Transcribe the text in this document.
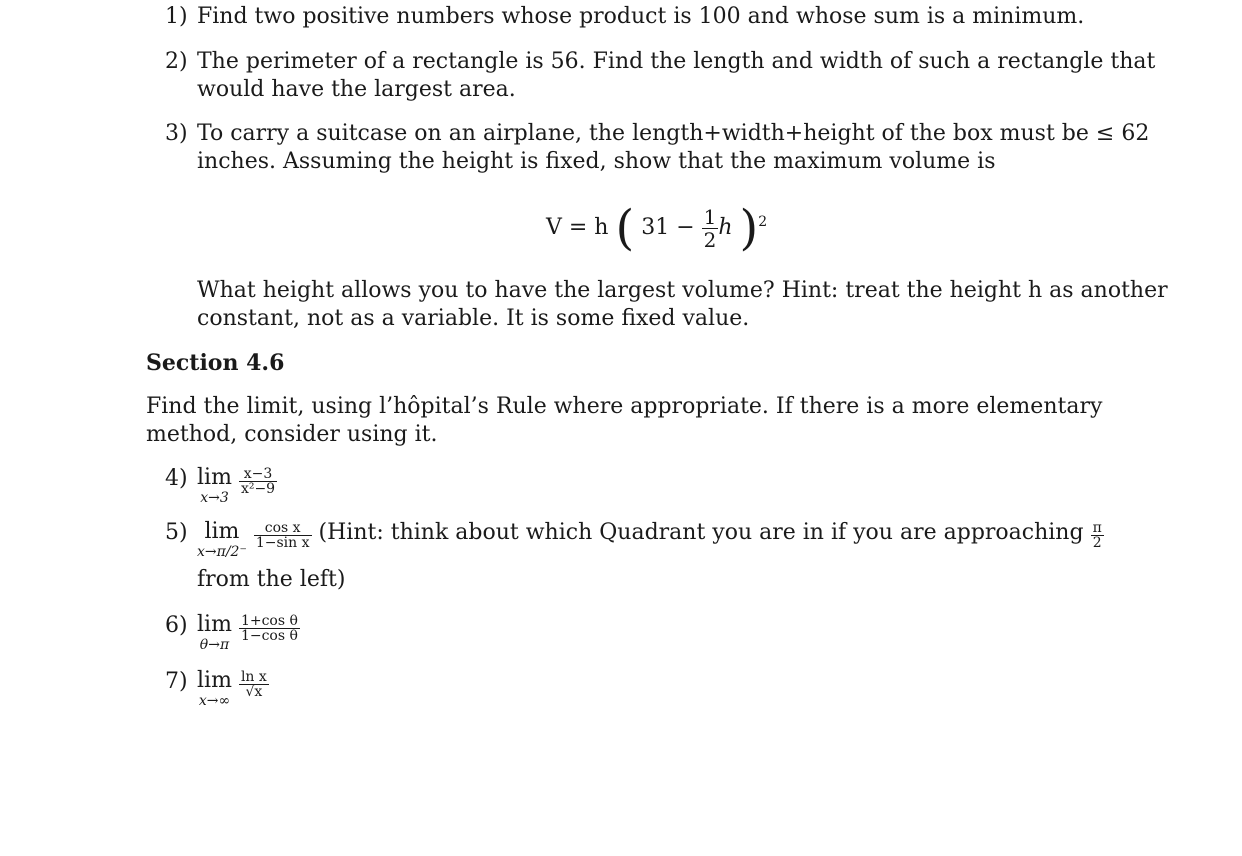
1) Find two positive numbers whose product is 100 and whose sum is a minimum.
2) The perimeter of a rectangle is 56. Find the length and width of such a rectangle that
would have the largest area.
3) To carry a suitcase on an airplane, the length+width+height of the box must be ≤ 62
inches. Assuming the height is fixed, show that the maximum volume is
V = h ( $31 - \frac{1}{2}$ h )$^2$
What height allows you to have the largest volume? Hint: treat the height h as another
constant, not as a variable. It is some fixed value.
Section 4.6
Find the limit, using l’hôpital’s Rule where appropriate. If there is a more elementary
method, consider using it.
4) lim
x→3

$\frac{x-3}{\text{x²−9}}$
5) lim
x→π/2⁻

$\frac{\text{cos x}}{\text{1−sin x}}$ (Hint: think about which Quadrant you are in if you are approaching $\frac{\pi}{2}$
from the left)
6) lim
θ→π

$\frac{\text{1+cos θ}}{\text{1−cos θ}}$
7) lim
x→∞

$\frac{\text{ln x}}{√x}$
